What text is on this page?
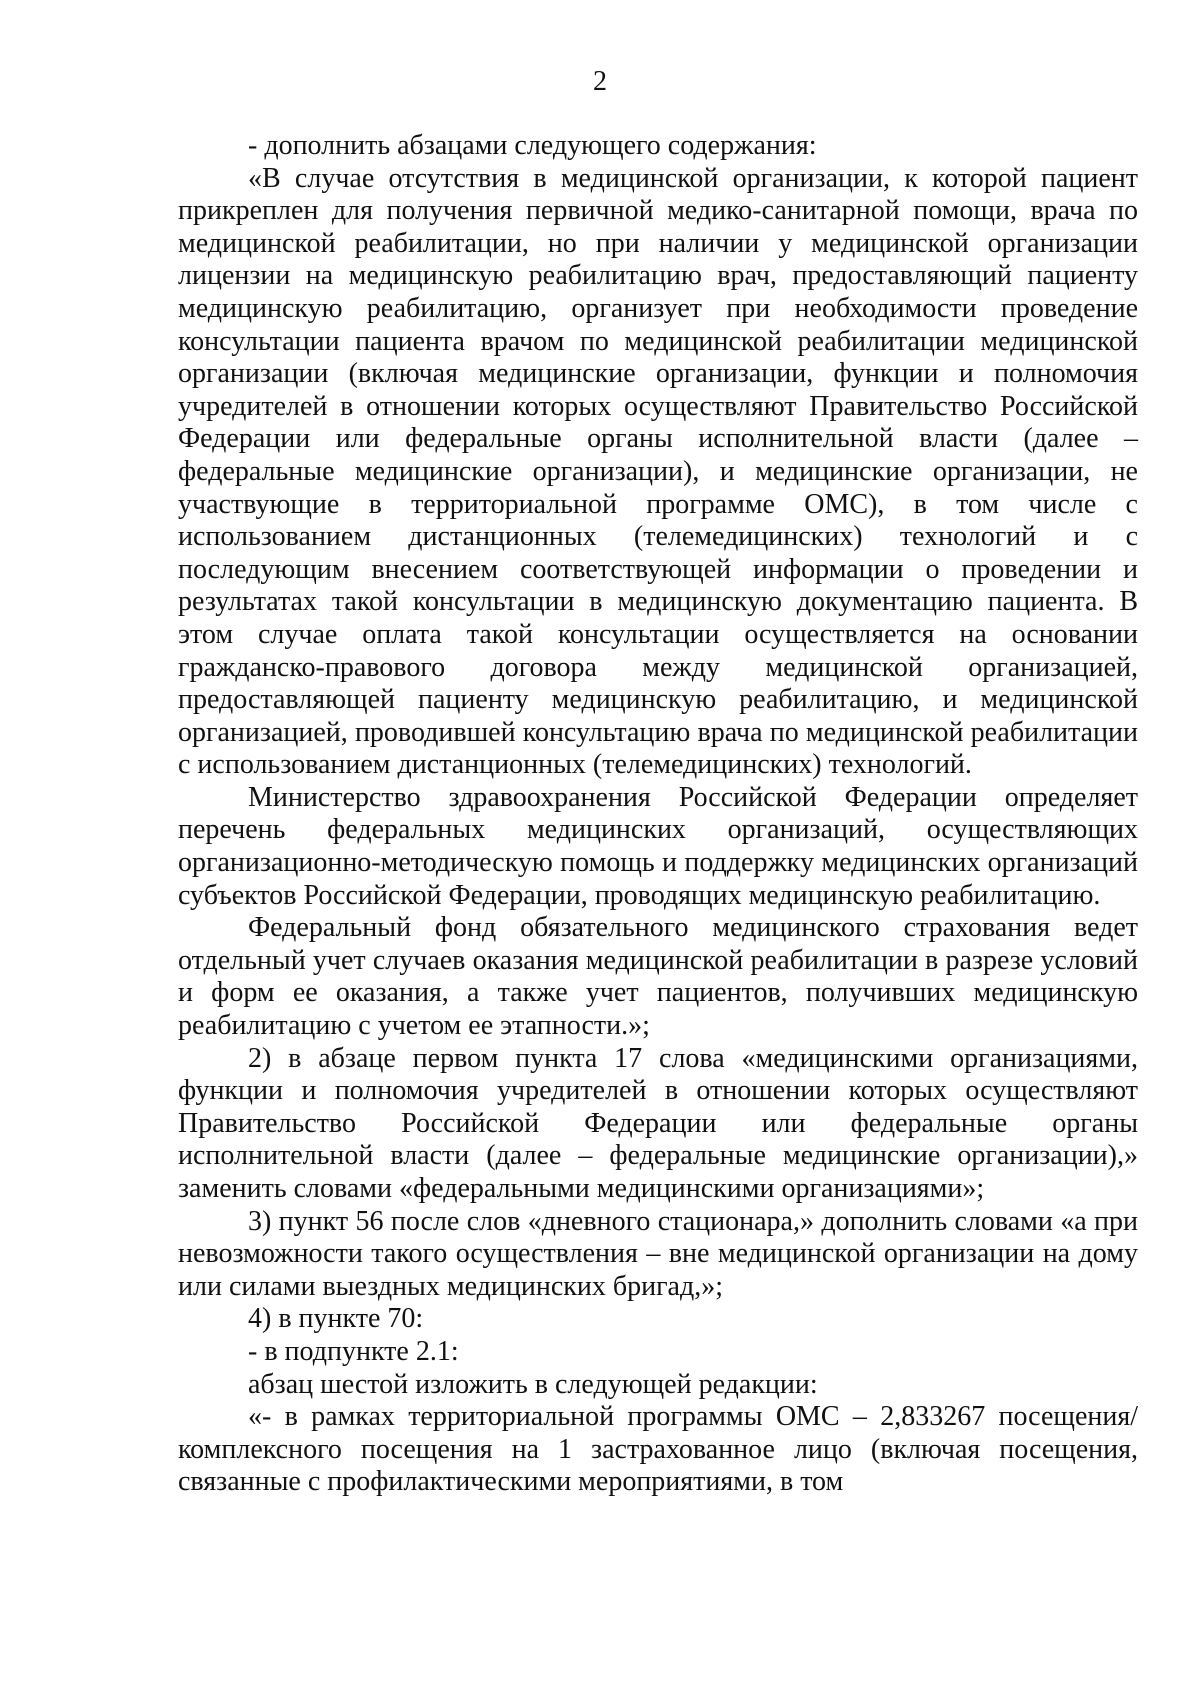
2

- дополнить абзацами следующего содержания:

«В случае отсутствия в медицинской организации, к которой пациент прикреплен для получения первичной медико-санитарной помощи, врача по медицинской реабилитации, но при наличии у медицинской организации лицензии на медицинскую реабилитацию врач, предоставляющий пациенту медицинскую реабилитацию, организует при необходимости проведение консультации пациента врачом по медицинской реабилитации медицинской организации (включая медицинские организации, функции и полномочия учредителей в отношении которых осуществляют Правительство Российской Федерации или федеральные органы исполнительной власти (далее – федеральные медицинские организации), и медицинские организации, не участвующие в территориальной программе ОМС), в том числе с использованием дистанционных (телемедицинских) технологий и с последующим внесением соответствующей информации о проведении и результатах такой консультации в медицинскую документацию пациента. В этом случае оплата такой консультации осуществляется на основании гражданско-правового договора между медицинской организацией, предоставляющей пациенту медицинскую реабилитацию, и медицинской организацией, проводившей консультацию врача по медицинской реабилитации с использованием дистанционных (телемедицинских) технологий.

Министерство здравоохранения Российской Федерации определяет перечень федеральных медицинских организаций, осуществляющих организационно-методическую помощь и поддержку медицинских организаций субъектов Российской Федерации, проводящих медицинскую реабилитацию.

Федеральный фонд обязательного медицинского страхования ведет отдельный учет случаев оказания медицинской реабилитации в разрезе условий и форм ее оказания, а также учет пациентов, получивших медицинскую реабилитацию с учетом ее этапности.»;

2) в абзаце первом пункта 17 слова «медицинскими организациями, функции и полномочия учредителей в отношении которых осуществляют Правительство Российской Федерации или федеральные органы исполнительной власти (далее – федеральные медицинские организации),» заменить словами «федеральными медицинскими организациями»;

3) пункт 56 после слов «дневного стационара,» дополнить словами «а при невозможности такого осуществления – вне медицинской организации на дому или силами выездных медицинских бригад,»;

4) в пункте 70:

- в подпункте 2.1:

абзац шестой изложить в следующей редакции:

«- в рамках территориальной программы ОМС – 2,833267 посещения/комплексного посещения на 1 застрахованное лицо (включая посещения, связанные с профилактическими мероприятиями, в том
